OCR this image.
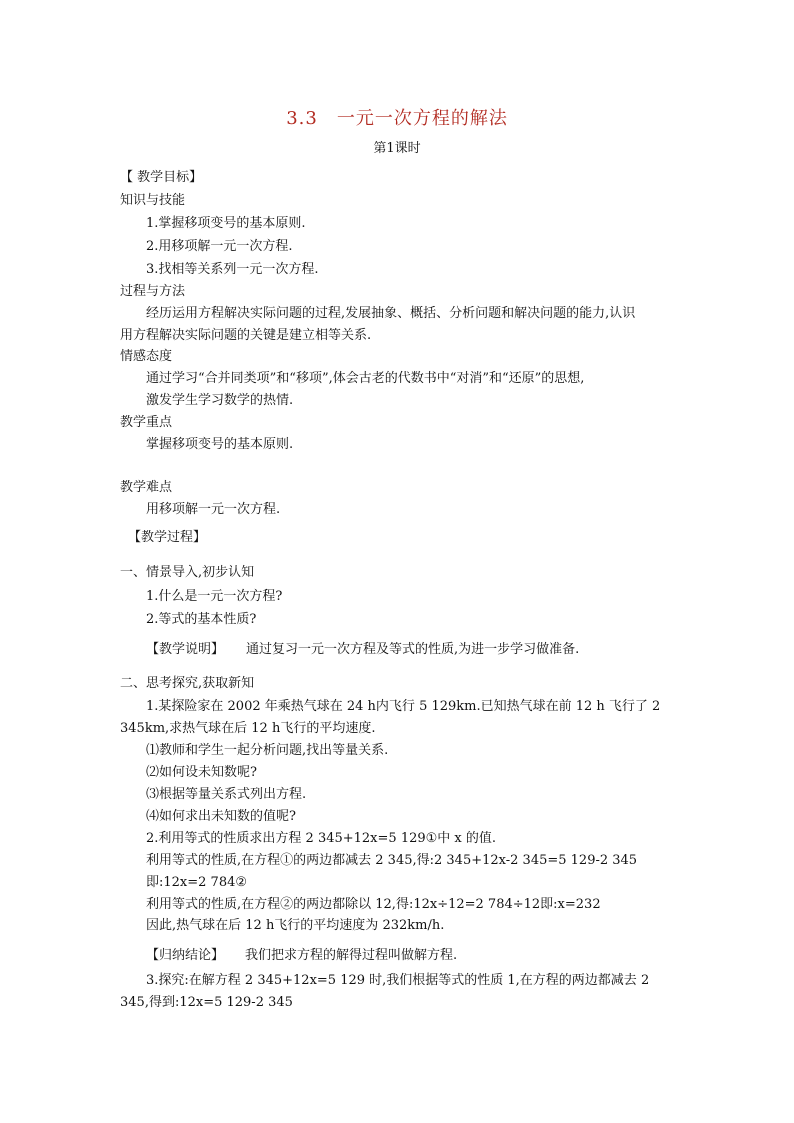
3.3　一元一次方程的解法
第1课时
【 教学目标】
知识与技能
1.掌握移项变号的基本原则.
2.用移项解一元一次方程.
3.找相等关系列一元一次方程.
过程与方法
经历运用方程解决实际问题的过程,发展抽象、概括、分析问题和解决问题的能力,认识
用方程解决实际问题的关键是建立相等关系.
情感态度
通过学习“合并同类项”和“移项”,体会古老的代数书中“对消”和“还原”的思想,
激发学生学习数学的热情.
教学重点
掌握移项变号的基本原则.
教学难点
用移项解一元一次方程.
【教学过程】
一、情景导入,初步认知
1.什么是一元一次方程?
2.等式的基本性质?
【教学说明】 通过复习一元一次方程及等式的性质,为进一步学习做准备.
二、思考探究,获取新知
1.某探险家在 2002 年乘热气球在 24 h内飞行 5 129km.已知热气球在前 12 h 飞行了 2
345km,求热气球在后 12 h飞行的平均速度.
⑴教师和学生一起分析问题,找出等量关系.
⑵如何设未知数呢?
⑶根据等量关系式列出方程.
⑷如何求出未知数的值呢?
2.利用等式的性质求出方程 2 345+12x=5 129①中 x 的值.
利用等式的性质,在方程①的两边都减去 2 345,得:2 345+12x-2 345=5 129-2 345
即:12x=2 784②
利用等式的性质,在方程②的两边都除以 12,得:12x÷12=2 784÷12即:x=232
因此,热气球在后 12 h飞行的平均速度为 232km/h.
【归纳结论】 我们把求方程的解得过程叫做解方程.
3.探究:在解方程 2 345+12x=5 129 时,我们根据等式的性质 1,在方程的两边都减去 2
345,得到:12x=5 129-2 345
